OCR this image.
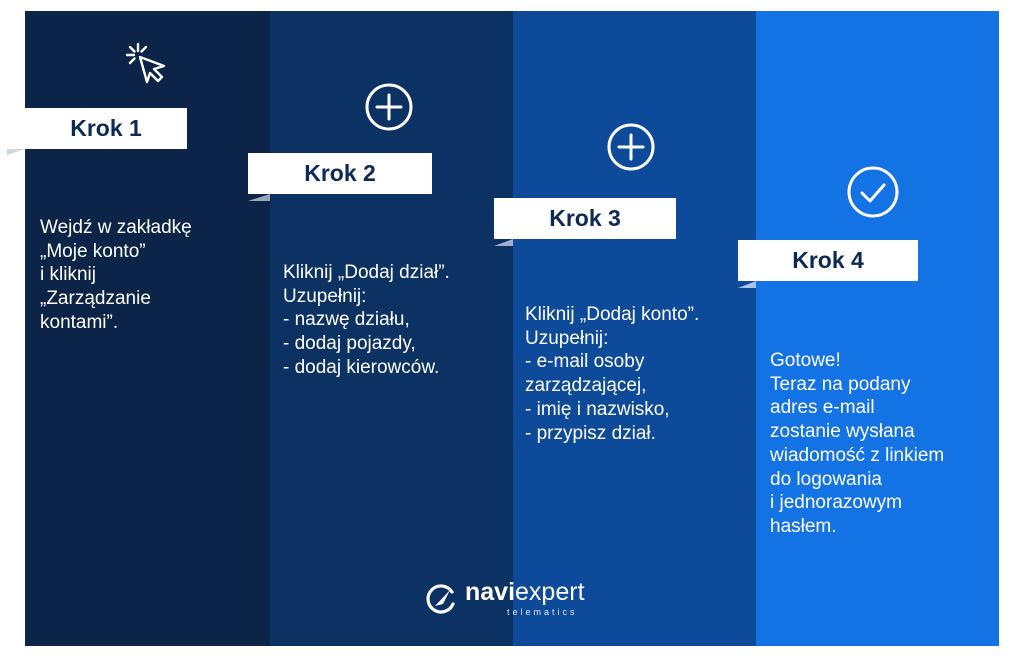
Krok 1

Wejdź w zakładkę
„Moje konto”
i kliknij
„Zarządzanie
kontami”.

Krok 2

Kliknij „Dodaj dział”.
Uzupełnij:
- nazwę działu,
- dodaj pojazdy,
- dodaj kierowców.

Krok 3

Kliknij „Dodaj konto”.
Uzupełnij:
- e-mail osoby
zarządzającej,
- imię i nazwisko,
- przypisz dział.

Krok 4

Gotowe!
Teraz na podany
adres e-mail
zostanie wysłana
wiadomość z linkiem
do logowania
i jednorazowym
hasłem.

naviexpert
telematics
